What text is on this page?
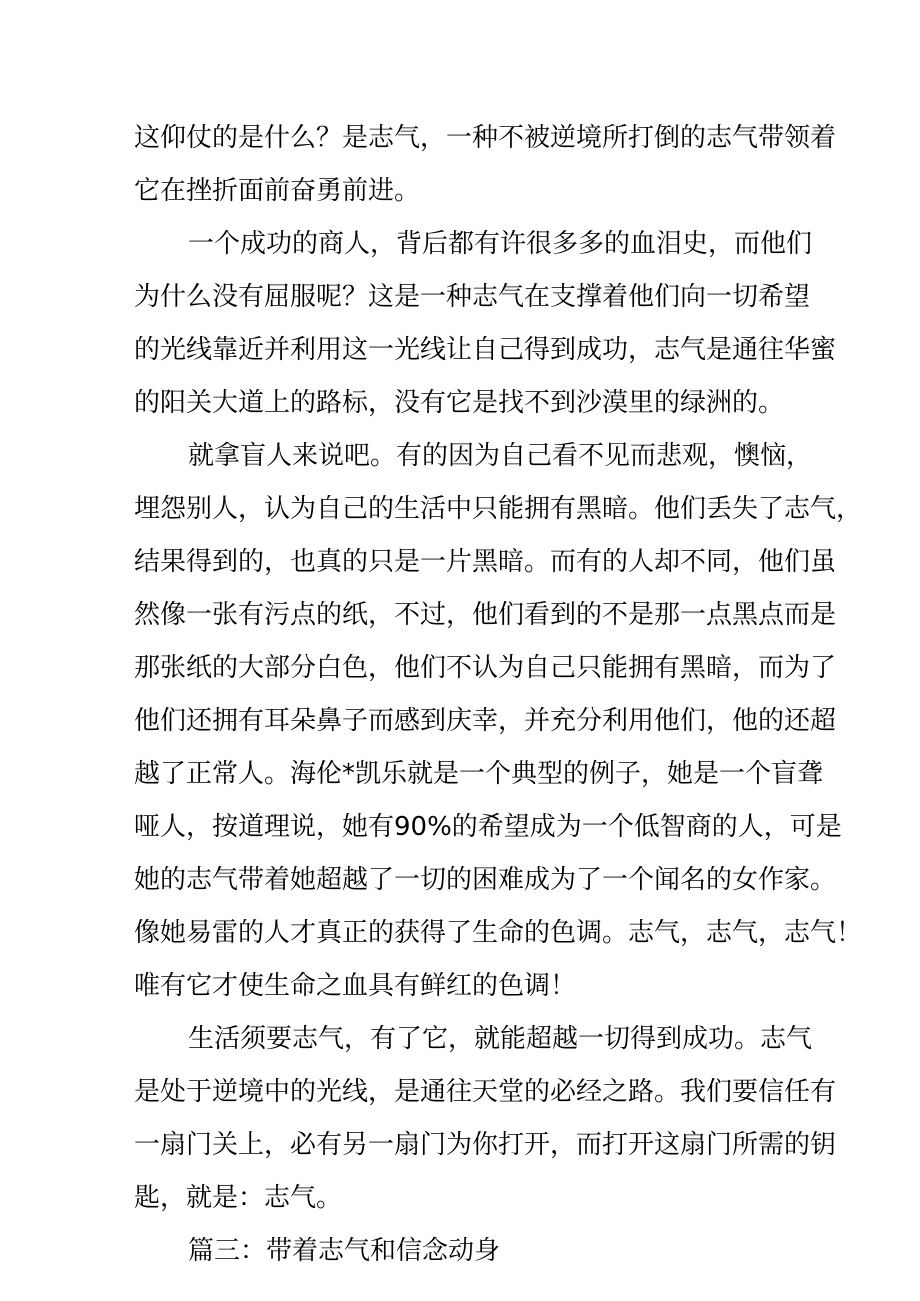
这仰仗的是什么？是志气，一种不被逆境所打倒的志气带领着
它在挫折面前奋勇前进。
一个成功的商人，背后都有许很多多的血泪史，而他们
为什么没有屈服呢？这是一种志气在支撑着他们向一切希望
的光线靠近并利用这一光线让自己得到成功，志气是通往华蜜
的阳关大道上的路标，没有它是找不到沙漠里的绿洲的。
就拿盲人来说吧。有的因为自己看不见而悲观，懊恼，
埋怨别人，认为自己的生活中只能拥有黑暗。他们丢失了志气，
结果得到的，也真的只是一片黑暗。而有的人却不同，他们虽
然像一张有污点的纸，不过，他们看到的不是那一点黑点而是
那张纸的大部分白色，他们不认为自己只能拥有黑暗，而为了
他们还拥有耳朵鼻子而感到庆幸，并充分利用他们，他的还超
越了正常人。海伦*凯乐就是一个典型的例子，她是一个盲聋
哑人，按道理说，她有90%的希望成为一个低智商的人，可是
她的志气带着她超越了一切的困难成为了一个闻名的女作家。
像她易雷的人才真正的获得了生命的色调。志气，志气，志气！
唯有它才使生命之血具有鲜红的色调！
生活须要志气，有了它，就能超越一切得到成功。志气
是处于逆境中的光线，是通往天堂的必经之路。我们要信任有
一扇门关上，必有另一扇门为你打开，而打开这扇门所需的钥
匙，就是：志气。
篇三：带着志气和信念动身
